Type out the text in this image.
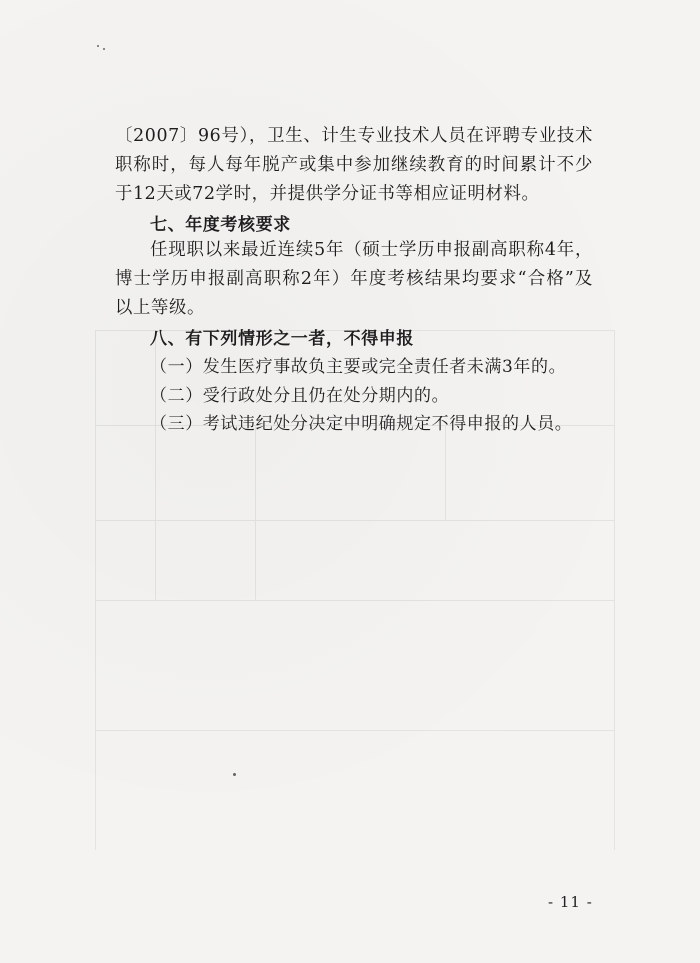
〔2007〕96号），卫生、计生专业技术人员在评聘专业技术职称时，每人每年脱产或集中参加继续教育的时间累计不少于12天或72学时，并提供学分证书等相应证明材料。

七、年度考核要求

任现职以来最近连续5年（硕士学历申报副高职称4年，博士学历申报副高职称2年）年度考核结果均要求“合格”及以上等级。

八、有下列情形之一者，不得申报

（一）发生医疗事故负主要或完全责任者未满3年的。

（二）受行政处分且仍在处分期内的。

（三）考试违纪处分决定中明确规定不得申报的人员。

- 11 -
